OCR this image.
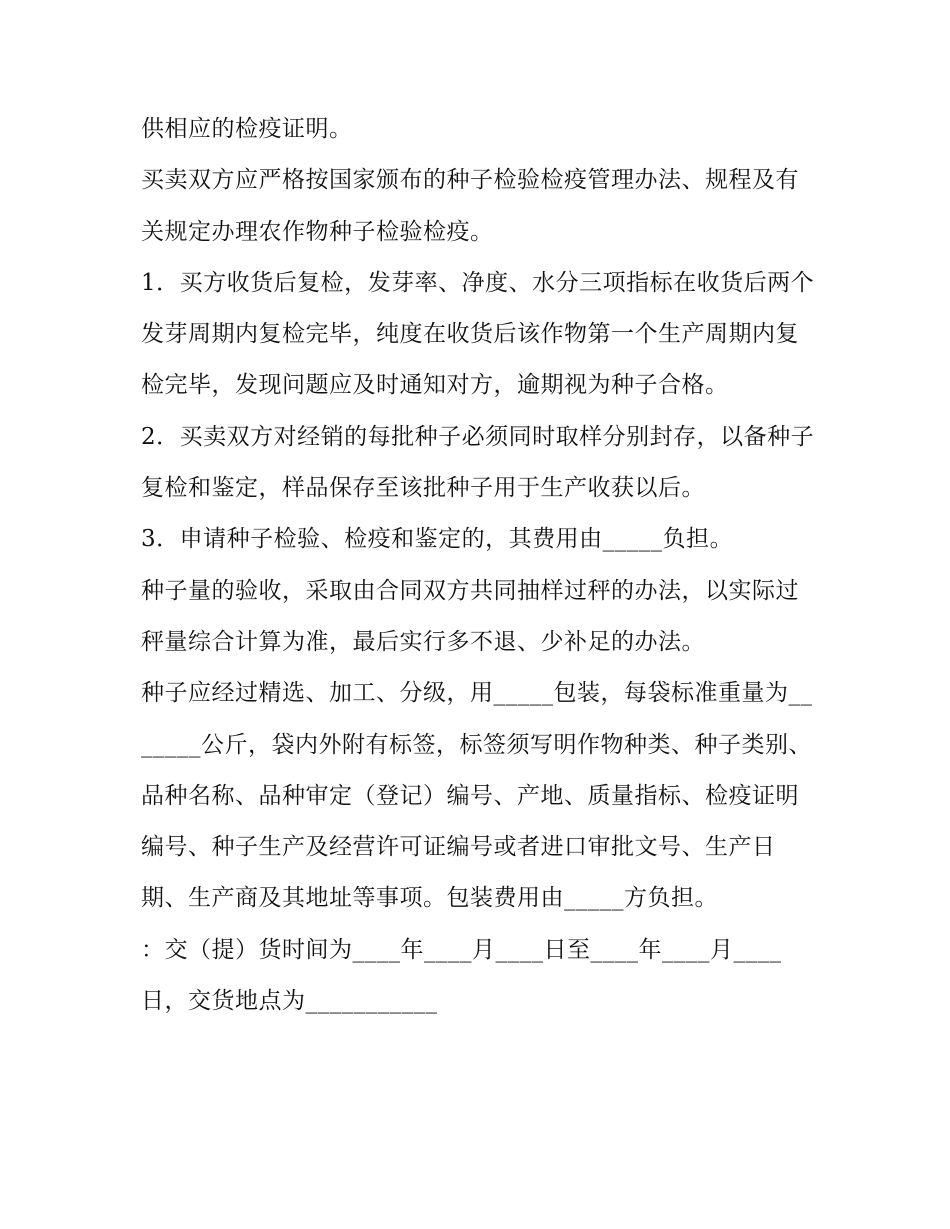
供相应的检疫证明。

买卖双方应严格按国家颁布的种子检验检疫管理办法、规程及有关规定办理农作物种子检验检疫。

1．买方收货后复检，发芽率、净度、水分三项指标在收货后两个发芽周期内复检完毕，纯度在收货后该作物第一个生产周期内复检完毕，发现问题应及时通知对方，逾期视为种子合格。

2．买卖双方对经销的每批种子必须同时取样分别封存，以备种子复检和鉴定，样品保存至该批种子用于生产收获以后。

3．申请种子检验、检疫和鉴定的，其费用由_____负担。

种子量的验收，采取由合同双方共同抽样过秤的办法，以实际过秤量综合计算为准，最后实行多不退、少补足的办法。

种子应经过精选、加工、分级，用_____包装，每袋标准重量为_______公斤，袋内外附有标签，标签须写明作物种类、种子类别、品种名称、品种审定（登记）编号、产地、质量指标、检疫证明编号、种子生产及经营许可证编号或者进口审批文号、生产日期、生产商及其地址等事项。包装费用由_____方负担。

：交（提）货时间为____年____月____日至____年____月____日，交货地点为___________
